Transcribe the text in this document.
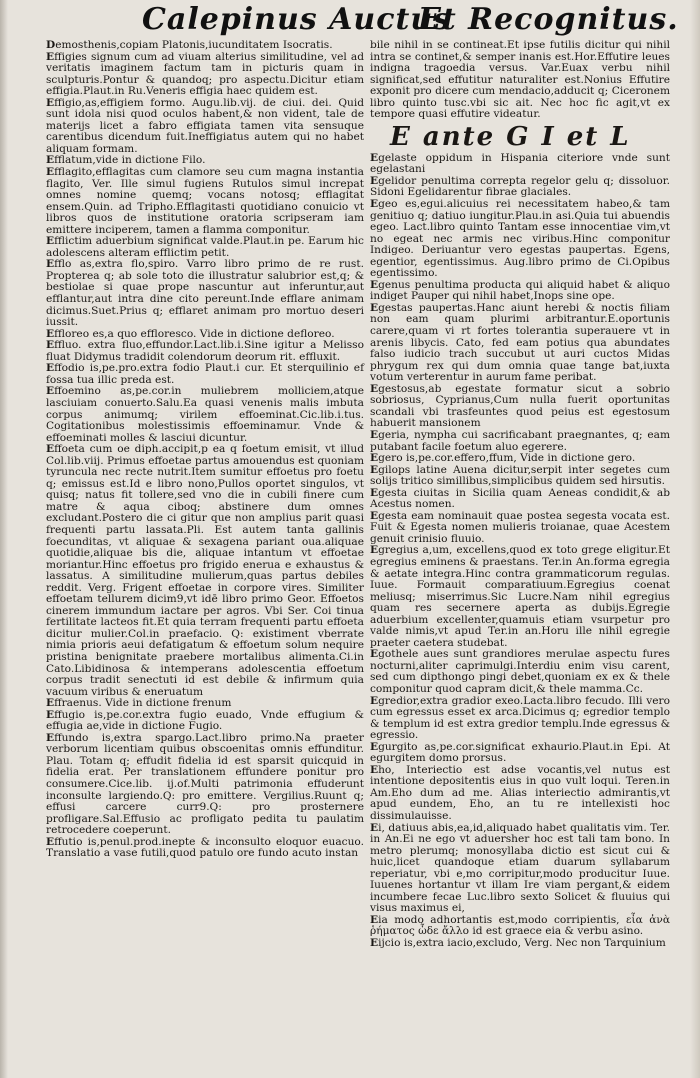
Calepinus Auctus
Et Recognitus.

Demosthenis,copiam Platonis,iucunditatem Isocratis.

Effigies signum cum ad viuam alterius similitudine, vel ad veritatis imaginem factum tam in picturis quam in sculpturis.Pontur & quandoq; pro aspectu.Dicitur etiam effigia.Plaut.in Ru.Veneris effigia haec quidem est.

Effigio,as,effigiem formo. Augu.lib.vij. de ciui. dei. Quid sunt idola nisi quod oculos habent,& non vident, tale de materijs licet a fabro effigiata tamen vita sensuque carentibus dicendum fuit.Ineffigiatus autem qui no habet aliquam formam.

Efflatum,vide in dictione Filo.

Efflagito,efflagitas cum clamore seu cum magna instantia flagito, Ver. Ille simul fugiens Rutulos simul increpat omnes nomine quemq; vocans notosq; efflagitat ensem.Quin. ad Tripho.Efflagitasti quotidiano conuicio vt libros quos de institutione oratoria scripseram iam emittere inciperem, tamen a flamma componitur.

Efflictim aduerbium significat valde.Plaut.in pe. Earum hic adolescens alteram efflictim petit.

Efflo as,extra flo,spiro. Varro libro primo de re rust. Propterea q; ab sole toto die illustratur salubrior est,q; & bestiolae si quae prope nascuntur aut inferuntur,aut efflantur,aut intra dine cito pereunt.Inde efflare animam dicimus.Suet.Prius q; efflaret animam pro mortuo deseri iussit.

Effloreo es,a quo effloresco. Vide in dictione defloreo.

Effluo. extra fluo,effundor.Lact.lib.i.Sine igitur a Melisso fluat Didymus tradidit colendorum deorum rit. effluxit.

Effodio is,pe.pro.extra fodio Plaut.i cur. Et sterquilinio ef fossa tua illic preda est.

Effoemino as,pe.cor.in muliebrem molliciem,atque lasciuiam conuerto.Salu.Ea quasi venenis malis imbuta corpus animumq; virilem effoeminat.Cic.lib.i.tus. Cogitationibus molestissimis effoeminamur. Vnde & effoeminati molles & lasciui dicuntur.

Effoeta cum oe diph.accipit,p ea q foetum emisit, vt illud Col.lib.viij. Primus effoetae partus amouendus est quoniam tyruncula nec recte nutrit.Item sumitur effoetus pro foetu q; emissus est.Id e libro nono,Pullos oportet singulos, vt quisq; natus fit tollere,sed vno die in cubili finere cum matre & aqua ciboq; abstinere dum omnes excludant.Postero die ci gitur que non amplius parit quasi frequenti partu lassata.Pli. Est autem tanta gallinis foecunditas, vt aliquae & sexagena pariant oua.aliquae quotidie,aliquae bis die, aliquae intantum vt effoetae moriantur.Hinc effoetus pro frigido enerua e exhaustus & lassatus. A similitudine mulierum,quas partus debiles reddit. Verg. Frigent effoetae in corpore vires. Similiter effoetam tellurem dicim9,vt idē libro primo Geor. Effoetos cinerem immundum iactare per agros. Vbi Ser. Coi tinua fertilitate lacteos fit.Et quia terram frequenti partu effoeta dicitur mulier.Col.in praefacio. Q: existiment vberrate nimia prioris aeui defatigatum & effoetum solum nequire pristina benignitate praebere mortalibus alimenta.Ci.in Cato.Libidinosa & intemperans adolescentia effoetum corpus tradit senectuti id est debile & infirmum quia vacuum viribus & eneruatum

Effraenus. Vide in dictione frenum

Effugio is,pe.cor.extra fugio euado, Vnde effugium & effugia ae,vide in dictione Fugio.

Effundo is,extra spargo.Lact.libro primo.Na praeter verborum licentiam quibus obscoenitas omnis effunditur. Plau. Totam q; effudit fidelia id est sparsit quicquid in fidelia erat. Per translationem effundere ponitur pro consumere.Cice.lib. ij.of.Multi patrimonia effuderunt inconsulte largiendo.Q: pro emittere. Vergilius.Ruunt q; effusi carcere curr9.Q: pro prosternere profligare.Sal.Effusio ac profligato pedita tu paulatim retrocedere coeperunt.

Effutio is,penul.prod.inepte & inconsulto eloquor euacuo. Translatio a vase futili,quod patulo ore fundo acuto instan

bile nihil in se contineat.Et ipse futilis dicitur qui nihil intra se continet,& semper inanis est.Hor.Effutire leues indigna tragoedia versus. Var.Euax verbu nihil significat,sed effutitur naturaliter est.Nonius Effutire exponit pro dicere cum mendacio,adducit q; Ciceronem libro quinto tusc.vbi sic ait. Nec hoc fic agit,vt ex tempore quasi effutire videatur.

E ante G I et L

Egelaste oppidum in Hispania citeriore vnde sunt egelastani

Egelidor penultima correpta regelor gelu q; dissoluor. Sidoni Egelidarentur fibrae glaciales.

Egeo es,egui.alicuius rei necessitatem habeo,& tam genitiuo q; datiuo iungitur.Plau.in asi.Quia tui abuendis egeo. Lact.libro quinto Tantam esse innocentiae vim,vt no egeat nec armis nec viribus.Hinc componitur Indigeo. Deriuantur vero egestas paupertas. Egens, egentior, egentissimus. Aug.libro primo de Ci.Opibus egentissimo.

Egenus penultima producta qui aliquid habet & aliquo indiget Pauper qui nihil habet,Inops sine ope.

Egestas paupertas.Hanc aiunt herebi & noctis filiam non eam quam plurimi arbitrantur.E.oportunis carere,quam vi rt fortes tolerantia superauere vt in arenis libycis. Cato, fed eam potius qua abundates falso iudicio trach succubut ut auri cuctos Midas phrygum rex qui dum omnia quae tange bat,iuxta votum verterentur in aurum fame peribat.

Egestosus,ab egestate formatur sicut a sobrio sobriosus, Cyprianus,Cum nulla fuerit oportunitas scandali vbi trasfeuntes quod peius est egestosum habuerit mansionem

Egeria, nympha cui sacrificabant praegnantes, q; eam putabant facile foetum aluo egerere.

Egero is,pe.cor.effero,ffum, Vide in dictione gero.

Egilops latine Auena dicitur,serpit inter segetes cum solijs tritico simillibus,simplicibus quidem sed hirsutis.

Egesta ciuitas in Sicilia quam Aeneas condidit,& ab Acestus nomen.

Egesta eam nominauit quae postea segesta vocata est. Fuit & Egesta nomen mulieris troianae, quae Acestem genuit crinisio fluuio.

Egregius a,um, excellens,quod ex toto grege eligitur.Et egregius eminens & praestans. Ter.in An.forma egregia & aetate integra.Hinc contra grammaticorum regulas. Iuue. Formauit comparatiuum.Egregius coenat meliusq; miserrimus.Sic Lucre.Nam nihil egregius quam res secernere aperta as dubijs.Egregie aduerbium excellenter,quamuis etiam vsurpetur pro valde nimis,vt apud Ter.in an.Horu ille nihil egregie praeter caetera studebat.

Egothele aues sunt grandiores merulae aspectu fures nocturni,aliter caprimulgi.Interdiu enim visu carent, sed cum dipthongo pingi debet,quoniam ex ex & thele componitur quod capram dicit,& thele mamma.Cc.

Egredior,extra gradior exeo.Lacta.libro fecudo. Illi vero cum egressus esset ex arca.Dicimus q; egredior templo & templum id est extra gredior templu.Inde egressus & egressio.

Egurgito as,pe.cor.significat exhaurio.Plaut.in Epi. At egurgitem domo prorsus.

Eho, Interiectio est adse vocantis,vel nutus est intentione depositentis eius in quo vult loqui. Teren.in Am.Eho dum ad me. Alias interiectio admirantis,vt apud eundem, Eho, an tu re intellexisti hoc dissimulauisse.

Ei, datiuus abis,ea,id,aliquado habet qualitatis vim. Ter. in An.Ei ne ego vt aduersher hoc est tali tam bono. In metro plerumq; monosyllaba dictio est sicut cui & huic,licet quandoque etiam duarum syllabarum reperiatur, vbi e,mo corripitur,modo producitur Iuue. Iuuenes hortantur vt illam Ire viam pergant,& eidem incumbere fecae Luc.libro sexto Solicet & fluuius qui visus maximus ei,

Eia modo adhortantis est,modo corripientis, εἶα ἀνὰ ῥήματος ὧδε ἄλλο id est graece eia & verbu asino.

Eijcio is,extra iacio,excludo, Verg. Nec non Tarquinium
